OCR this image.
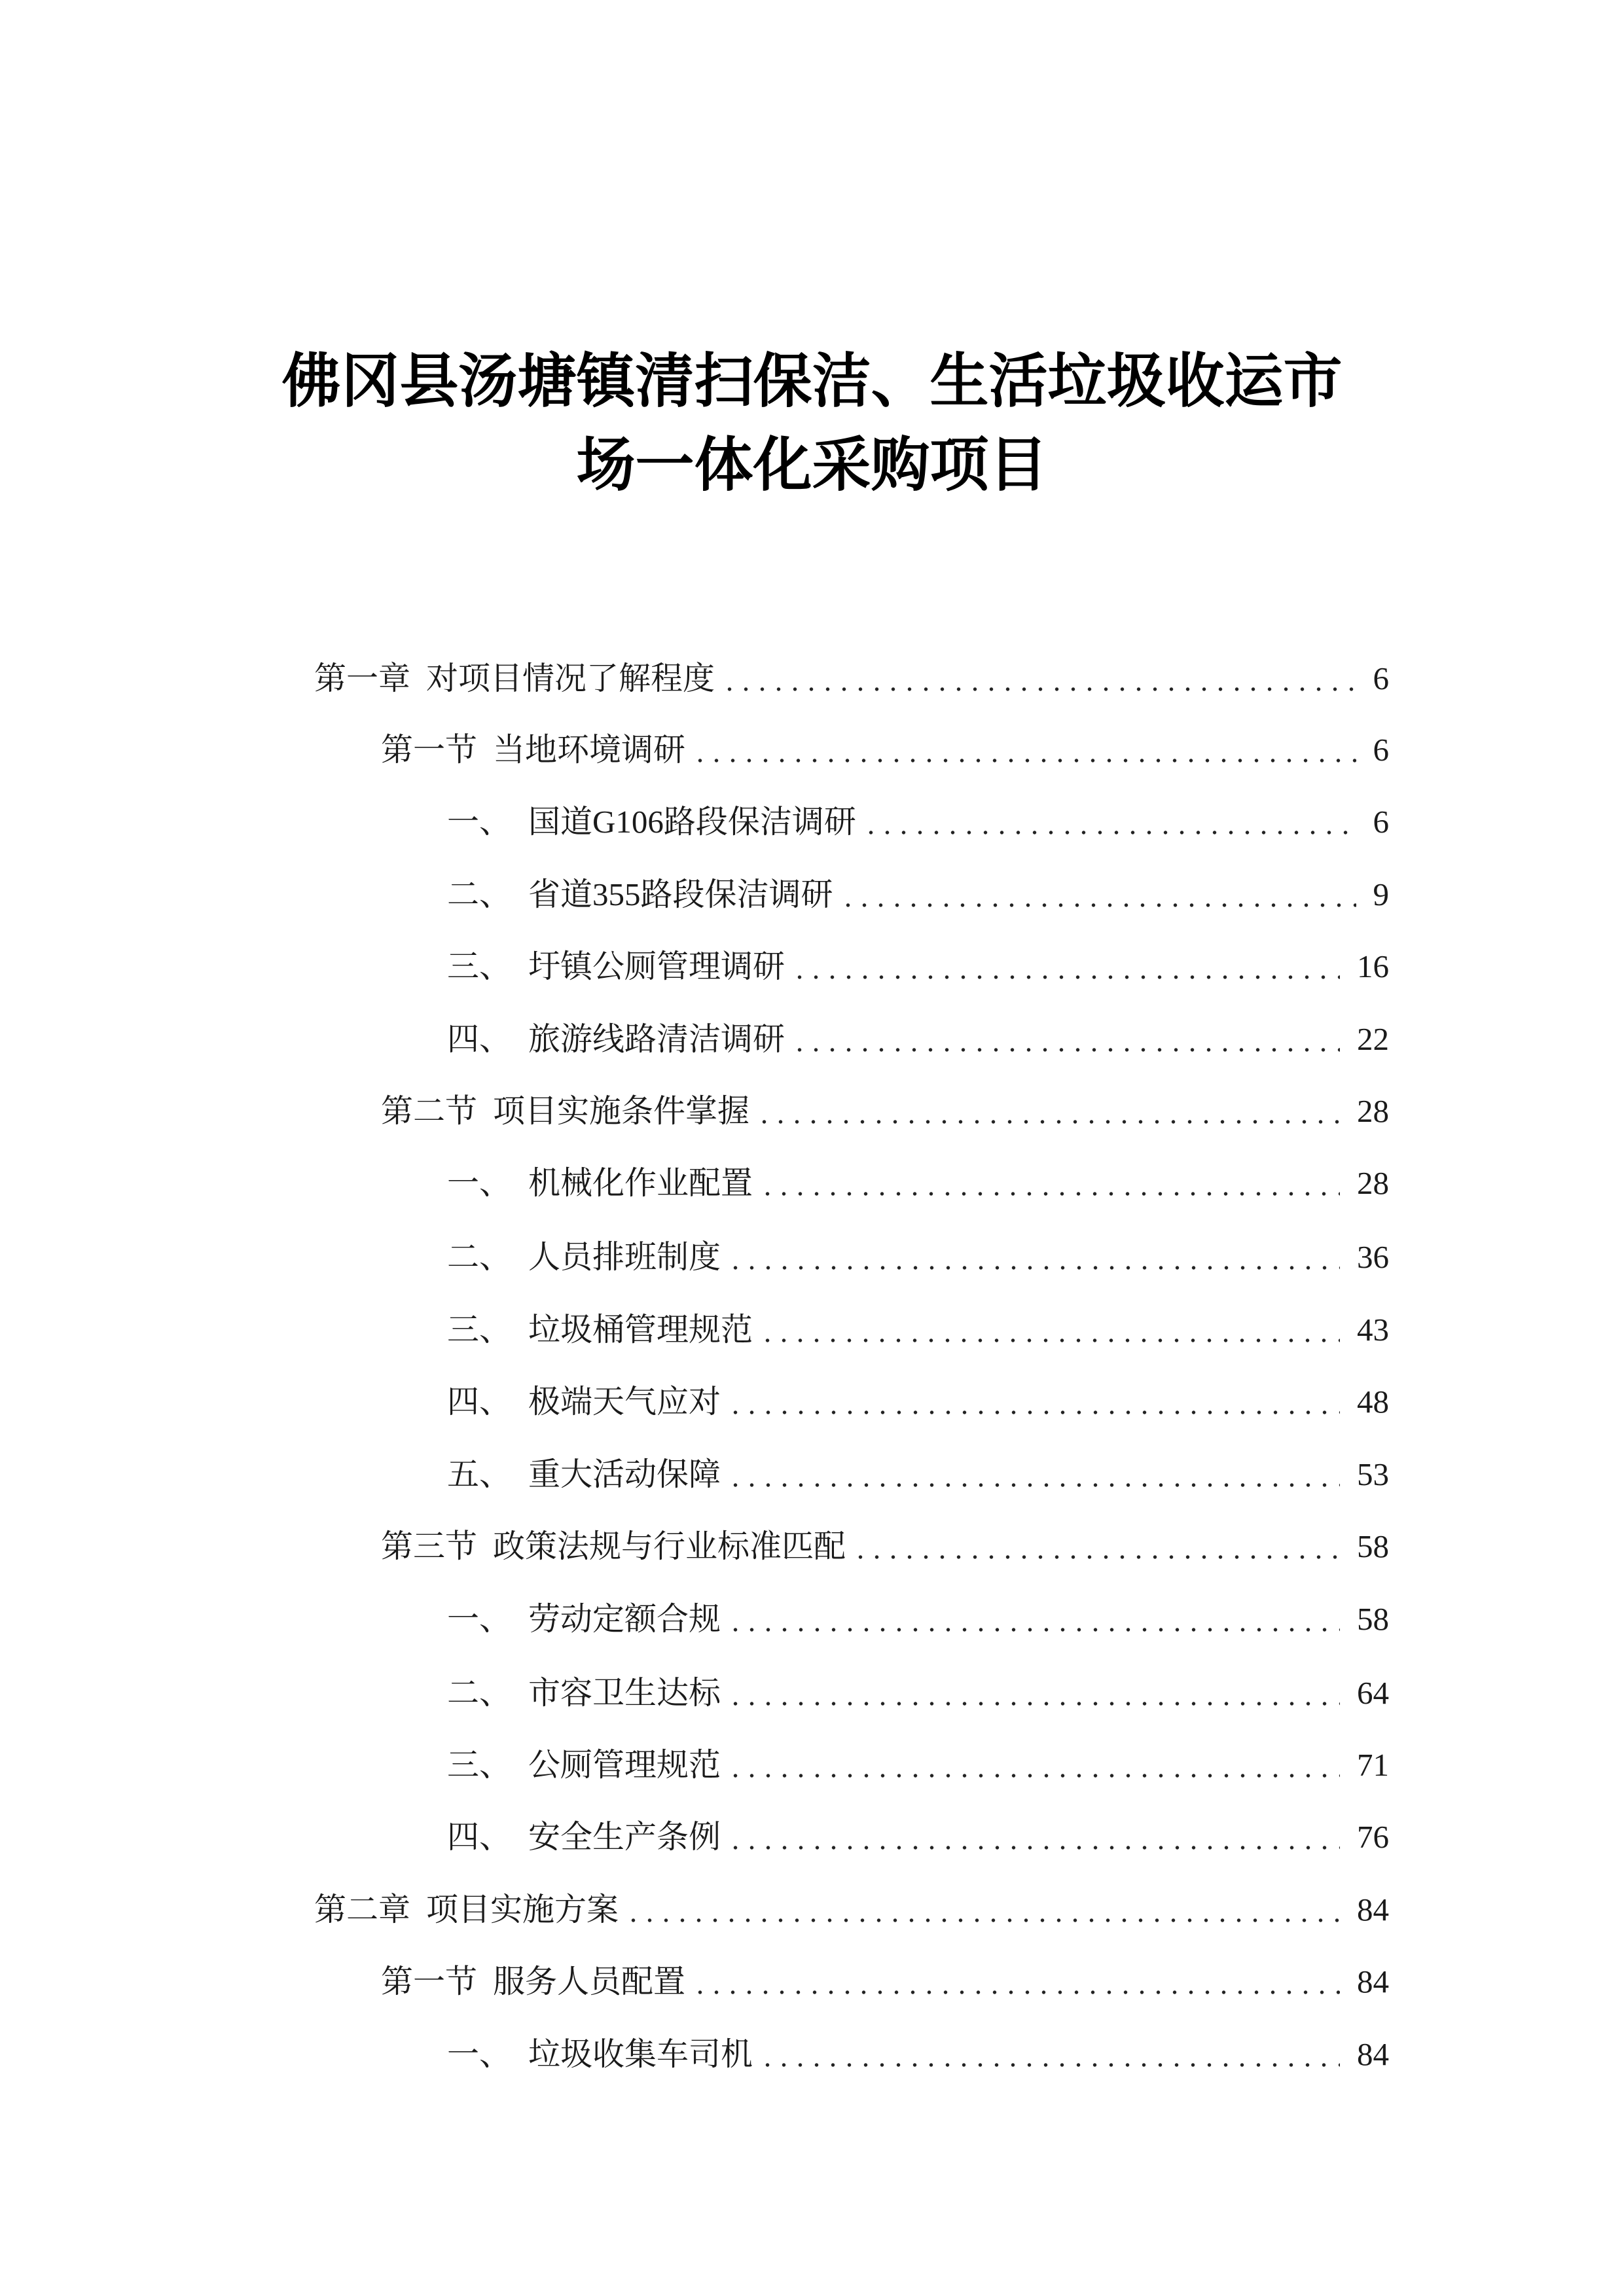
佛冈县汤塘镇清扫保洁、生活垃圾收运市
场一体化采购项目
第一章 对项目情况了解程度	6
第一节 当地环境调研	6
一、 国道G106路段保洁调研	6
二、 省道355路段保洁调研	9
三、 圩镇公厕管理调研	16
四、 旅游线路清洁调研	22
第二节 项目实施条件掌握	28
一、 机械化作业配置	28
二、 人员排班制度	36
三、 垃圾桶管理规范	43
四、 极端天气应对	48
五、 重大活动保障	53
第三节 政策法规与行业标准匹配	58
一、 劳动定额合规	58
二、 市容卫生达标	64
三、 公厕管理规范	71
四、 安全生产条例	76
第二章 项目实施方案	84
第一节 服务人员配置	84
一、 垃圾收集车司机	84
